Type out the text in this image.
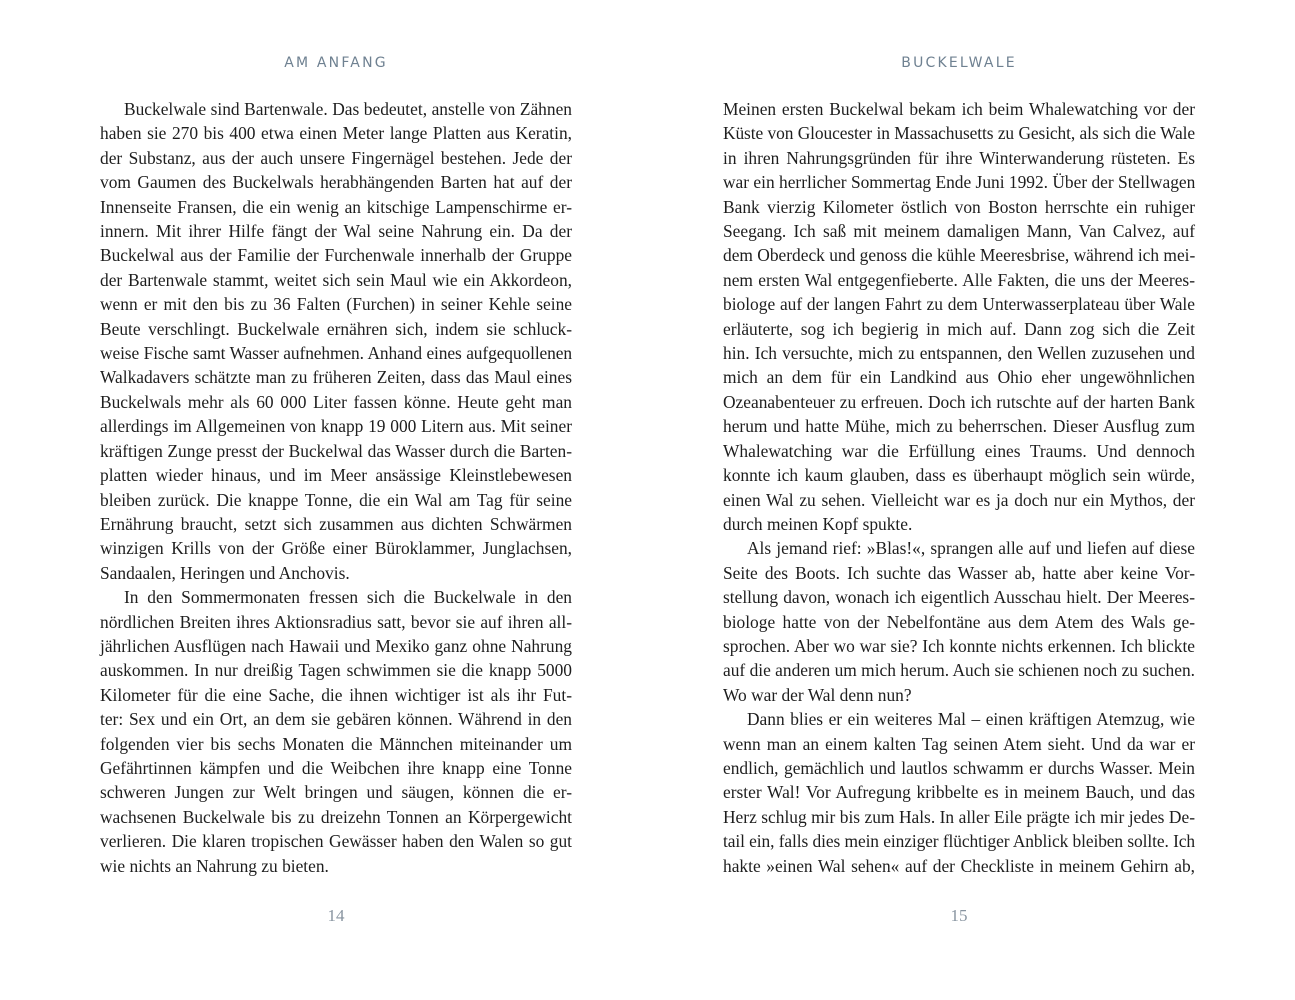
AM ANFANG

Buckelwale sind Bartenwale. Das bedeutet, anstelle von Zähnen
haben sie 270 bis 400 etwa einen Meter lange Platten aus Keratin,
der Substanz, aus der auch unsere Fingernägel bestehen. Jede der
vom Gaumen des Buckelwals herabhängenden Barten hat auf der
Innenseite Fransen, die ein wenig an kitschige Lampenschirme er-
innern. Mit ihrer Hilfe fängt der Wal seine Nahrung ein. Da der
Buckelwal aus der Familie der Furchenwale innerhalb der Gruppe
der Bartenwale stammt, weitet sich sein Maul wie ein Akkordeon,
wenn er mit den bis zu 36 Falten (Furchen) in seiner Kehle seine
Beute verschlingt. Buckelwale ernähren sich, indem sie schluck-
weise Fische samt Wasser aufnehmen. Anhand eines aufgequollenen
Walkadavers schätzte man zu früheren Zeiten, dass das Maul eines
Buckelwals mehr als 60 000 Liter fassen könne. Heute geht man
allerdings im Allgemeinen von knapp 19 000 Litern aus. Mit seiner
kräftigen Zunge presst der Buckelwal das Wasser durch die Barten-
platten wieder hinaus, und im Meer ansässige Kleinstlebewesen
bleiben zurück. Die knappe Tonne, die ein Wal am Tag für seine
Ernährung braucht, setzt sich zusammen aus dichten Schwärmen
winzigen Krills von der Größe einer Büroklammer, Junglachsen,
Sandaalen, Heringen und Anchovis.

In den Sommermonaten fressen sich die Buckelwale in den
nördlichen Breiten ihres Aktionsradius satt, bevor sie auf ihren all-
jährlichen Ausflügen nach Hawaii und Mexiko ganz ohne Nahrung
auskommen. In nur dreißig Tagen schwimmen sie die knapp 5000
Kilometer für die eine Sache, die ihnen wichtiger ist als ihr Fut-
ter: Sex und ein Ort, an dem sie gebären können. Während in den
folgenden vier bis sechs Monaten die Männchen miteinander um
Gefährtinnen kämpfen und die Weibchen ihre knapp eine Tonne
schweren Jungen zur Welt bringen und säugen, können die er-
wachsenen Buckelwale bis zu dreizehn Tonnen an Körpergewicht
verlieren. Die klaren tropischen Gewässer haben den Walen so gut
wie nichts an Nahrung zu bieten.

14
BUCKELWALE

Meinen ersten Buckelwal bekam ich beim Whalewatching vor der
Küste von Gloucester in Massachusetts zu Gesicht, als sich die Wale
in ihren Nahrungsgründen für ihre Winterwanderung rüsteten. Es
war ein herrlicher Sommertag Ende Juni 1992. Über der Stellwagen
Bank vierzig Kilometer östlich von Boston herrschte ein ruhiger
Seegang. Ich saß mit meinem damaligen Mann, Van Calvez, auf
dem Oberdeck und genoss die kühle Meeresbrise, während ich mei-
nem ersten Wal entgegenfieberte. Alle Fakten, die uns der Meeres-
biologe auf der langen Fahrt zu dem Unterwasserplateau über Wale
erläuterte, sog ich begierig in mich auf. Dann zog sich die Zeit
hin. Ich versuchte, mich zu entspannen, den Wellen zuzusehen und
mich an dem für ein Landkind aus Ohio eher ungewöhnlichen
Ozeanabenteuer zu erfreuen. Doch ich rutschte auf der harten Bank
herum und hatte Mühe, mich zu beherrschen. Dieser Ausflug zum
Whalewatching war die Erfüllung eines Traums. Und dennoch
konnte ich kaum glauben, dass es überhaupt möglich sein würde,
einen Wal zu sehen. Vielleicht war es ja doch nur ein Mythos, der
durch meinen Kopf spukte.

Als jemand rief: »Blas!«, sprangen alle auf und liefen auf diese
Seite des Boots. Ich suchte das Wasser ab, hatte aber keine Vor-
stellung davon, wonach ich eigentlich Ausschau hielt. Der Meeres-
biologe hatte von der Nebelfontäne aus dem Atem des Wals ge-
sprochen. Aber wo war sie? Ich konnte nichts erkennen. Ich blickte
auf die anderen um mich herum. Auch sie schienen noch zu suchen.
Wo war der Wal denn nun?

Dann blies er ein weiteres Mal – einen kräftigen Atemzug, wie
wenn man an einem kalten Tag seinen Atem sieht. Und da war er
endlich, gemächlich und lautlos schwamm er durchs Wasser. Mein
erster Wal! Vor Aufregung kribbelte es in meinem Bauch, und das
Herz schlug mir bis zum Hals. In aller Eile prägte ich mir jedes De-
tail ein, falls dies mein einziger flüchtiger Anblick bleiben sollte. Ich
hakte »einen Wal sehen« auf der Checkliste in meinem Gehirn ab,

15
